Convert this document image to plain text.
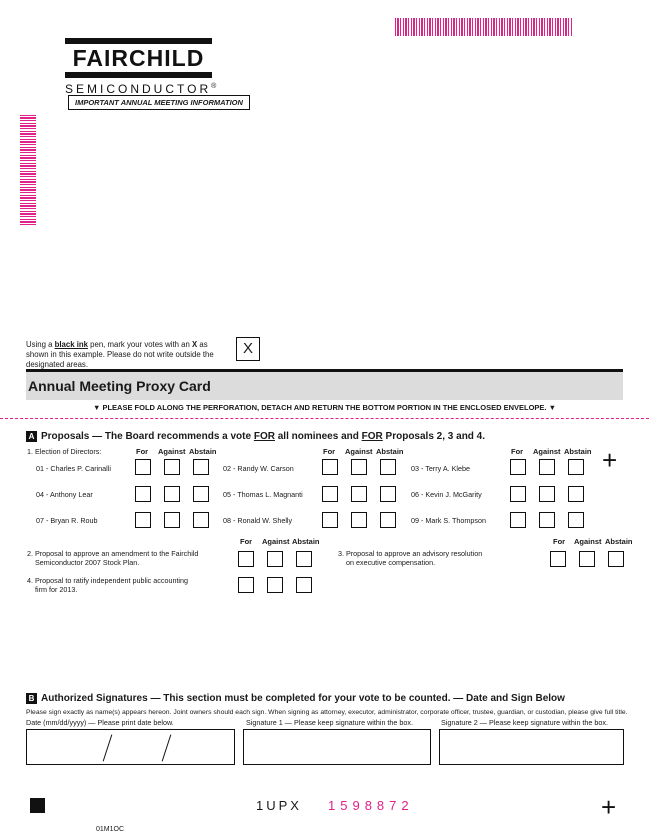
FAIRCHILD
SEMICONDUCTOR®
IMPORTANT ANNUAL MEETING INFORMATION
Using a black ink pen, mark your votes with an X as shown in this example. Please do not write outside the designated areas.
X
Annual Meeting Proxy Card
▼ PLEASE FOLD ALONG THE PERFORATION, DETACH AND RETURN THE BOTTOM PORTION IN THE ENCLOSED ENVELOPE. ▼
A Proposals — The Board recommends a vote FOR all nominees and FOR Proposals 2, 3 and 4.
1. Election of Directors:	For Against Abstain	For Against Abstain	For Against Abstain +
01 - Charles P. Carinalli	02 - Randy W. Carson	03 - Terry A. Klebe
04 - Anthony Lear	05 - Thomas L. Magnanti	06 - Kevin J. McGarity
07 - Bryan R. Roub	08 - Ronald W. Shelly	09 - Mark S. Thompson
For Against Abstain	For Against Abstain
2. Proposal to approve an amendment to the Fairchild
Semiconductor 2007 Stock Plan.
3. Proposal to approve an advisory resolution
on executive compensation.
4. Proposal to ratify independent public accounting
firm for 2013.
B Authorized Signatures — This section must be completed for your vote to be counted. — Date and Sign Below
Please sign exactly as name(s) appears hereon. Joint owners should each sign. When signing as attorney, executor, administrator, corporate officer, trustee, guardian, or custodian, please give full title.
Date (mm/dd/yyyy) — Please print date below.	Signature 1 — Please keep signature within the box.	Signature 2 — Please keep signature within the box.
1UPX 1598872	+
01M1OC
